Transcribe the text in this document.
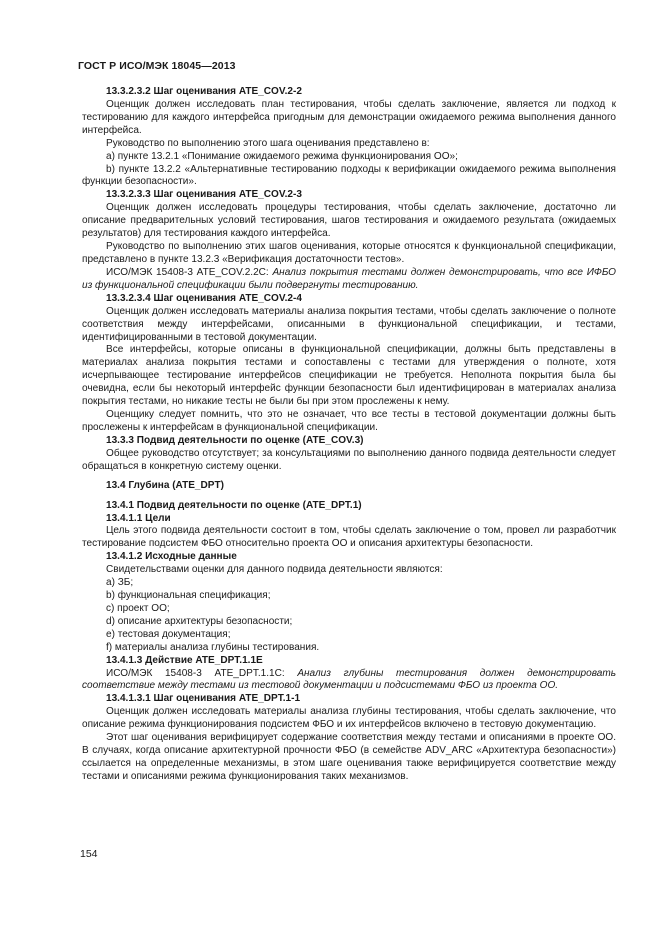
ГОСТ Р ИСО/МЭК 18045—2013

13.3.2.3.2 Шаг оценивания ATE_COV.2-2

Оценщик должен исследовать план тестирования, чтобы сделать заключение, является ли подход к тестированию для каждого интерфейса пригодным для демонстрации ожидаемого режима выполнения данного интерфейса.

Руководство по выполнению этого шага оценивания представлено в:

a) пункте 13.2.1 «Понимание ожидаемого режима функционирования ОО»;

b) пункте 13.2.2 «Альтернативные тестированию подходы к верификации ожидаемого режима выполнения функции безопасности».

13.3.2.3.3 Шаг оценивания ATE_COV.2-3

Оценщик должен исследовать процедуры тестирования, чтобы сделать заключение, достаточно ли описание предварительных условий тестирования, шагов тестирования и ожидаемого результата (ожидаемых результатов) для тестирования каждого интерфейса.

Руководство по выполнению этих шагов оценивания, которые относятся к функциональной спецификации, представлено в пункте 13.2.3 «Верификация достаточности тестов».

ИСО/МЭК 15408-3 ATE_COV.2.2C: Анализ покрытия тестами должен демонстрировать, что все ИФБО из функциональной спецификации были подвергнуты тестированию.

13.3.2.3.4 Шаг оценивания ATE_COV.2-4

Оценщик должен исследовать материалы анализа покрытия тестами, чтобы сделать заключение о полноте соответствия между интерфейсами, описанными в функциональной спецификации, и тестами, идентифицированными в тестовой документации.

Все интерфейсы, которые описаны в функциональной спецификации, должны быть представлены в материалах анализа покрытия тестами и сопоставлены с тестами для утверждения о полноте, хотя исчерпывающее тестирование интерфейсов спецификации не требуется. Неполнота покрытия была бы очевидна, если бы некоторый интерфейс функции безопасности был идентифицирован в материалах анализа покрытия тестами, но никакие тесты не были бы при этом прослежены к нему.

Оценщику следует помнить, что это не означает, что все тесты в тестовой документации должны быть прослежены к интерфейсам в функциональной спецификации.

13.3.3 Подвид деятельности по оценке (ATE_COV.3)

Общее руководство отсутствует; за консультациями по выполнению данного подвида деятельности следует обращаться в конкретную систему оценки.

13.4 Глубина (ATE_DPT)

13.4.1 Подвид деятельности по оценке (ATE_DPT.1)

13.4.1.1 Цели

Цель этого подвида деятельности состоит в том, чтобы сделать заключение о том, провел ли разработчик тестирование подсистем ФБО относительно проекта ОО и описания архитектуры безопасности.

13.4.1.2 Исходные данные

Свидетельствами оценки для данного подвида деятельности являются:

a) ЗБ;

b) функциональная спецификация;

c) проект ОО;

d) описание архитектуры безопасности;

e) тестовая документация;

f) материалы анализа глубины тестирования.

13.4.1.3 Действие ATE_DPT.1.1Е

ИСО/МЭК 15408-3 ATE_DPT.1.1C: Анализ глубины тестирования должен демонстрировать соответствие между тестами из тестовой документации и подсистемами ФБО из проекта ОО.

13.4.1.3.1 Шаг оценивания ATE_DPT.1-1

Оценщик должен исследовать материалы анализа глубины тестирования, чтобы сделать заключение, что описание режима функционирования подсистем ФБО и их интерфейсов включено в тестовую документацию.

Этот шаг оценивания верифицирует содержание соответствия между тестами и описаниями в проекте ОО. В случаях, когда описание архитектурной прочности ФБО (в семействе ADV_ARC «Архитектура безопасности») ссылается на определенные механизмы, в этом шаге оценивания также верифицируется соответствие между тестами и описаниями режима функционирования таких механизмов.

154
